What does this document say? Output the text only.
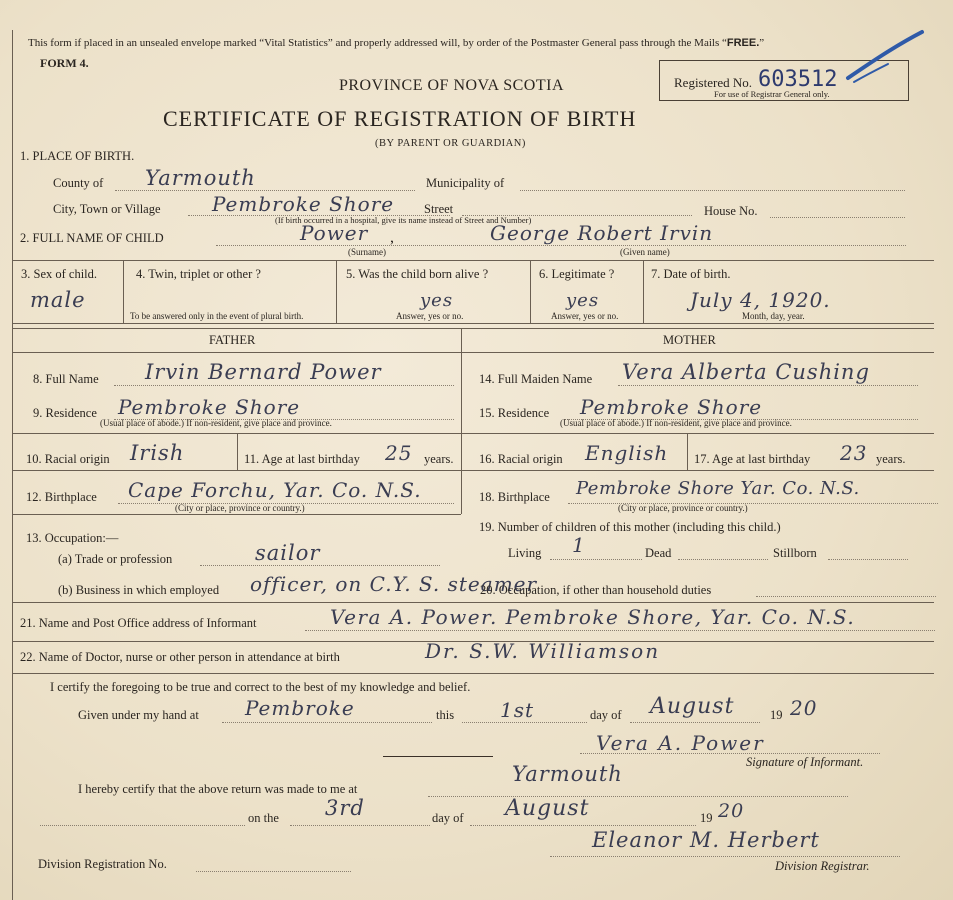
This form if placed in an unsealed envelope marked “Vital Statistics” and properly addressed will, by order of the Postmaster General pass through the Mails “FREE.”
FORM 4.
PROVINCE OF NOVA SCOTIA
CERTIFICATE OF REGISTRATION OF BIRTH
(BY PARENT OR GUARDIAN)
Registered No. 603512
For use of Registrar General only.
1. PLACE OF BIRTH.
County of Yarmouth	Municipality of
City, Town or Village	Pembroke Shore Street	House No.
(If birth occurred in a hospital, give its name instead of Street and Number)
2. FULL NAME OF CHILD	Power ,	George Robert Irvin
(Surname)	(Given name)
3. Sex of child.
male
4. Twin, triplet or other ?
To be answered only in the event of plural birth.
5. Was the child born alive ?
yes
Answer, yes or no.
6. Legitimate ?
yes
Answer, yes or no.
7. Date of birth.
July 4, 1920.
Month, day, year.
FATHER	MOTHER
8. Full Name Irvin Bernard Power
9. Residence Pembroke Shore
(Usual place of abode.) If non-resident, give place and province.
10. Racial origin Irish	11. Age at last birthday 25 years.
12. Birthplace Cape Forchu, Yar. Co. N.S.
(City or place, province or country.)
14. Full Maiden Name Vera Alberta Cushing
15. Residence Pembroke Shore
(Usual place of abode.) If non-resident, give place and province.
16. Racial origin English 17. Age at last birthday 23 years.
18. Birthplace Pembroke Shore Yar. Co. N.S.
(City or place, province or country.)
19. Number of children of this mother (including this child.)
Living 1	Dead	Stillborn
13. Occupation:—
(a) Trade or profession	sailor
(b) Business in which employed officer, on C.Y. S. steamer
20. Occupation, if other than household duties
21. Name and Post Office address of Informant	Vera A. Power. Pembroke Shore, Yar. Co. N.S.
22. Name of Doctor, nurse or other person in attendance at birth	Dr. S.W. Williamson
I certify the foregoing to be true and correct to the best of my knowledge and belief.
Given under my hand at Pembroke	this 1st	day of August	19 20
Vera A. Power
Signature of Informant.
I hereby certify that the above return was made to me at
Yarmouth
on the 3rd	day of August	19 20
Division Registration No.
Eleanor M. Herbert
Division Registrar.
